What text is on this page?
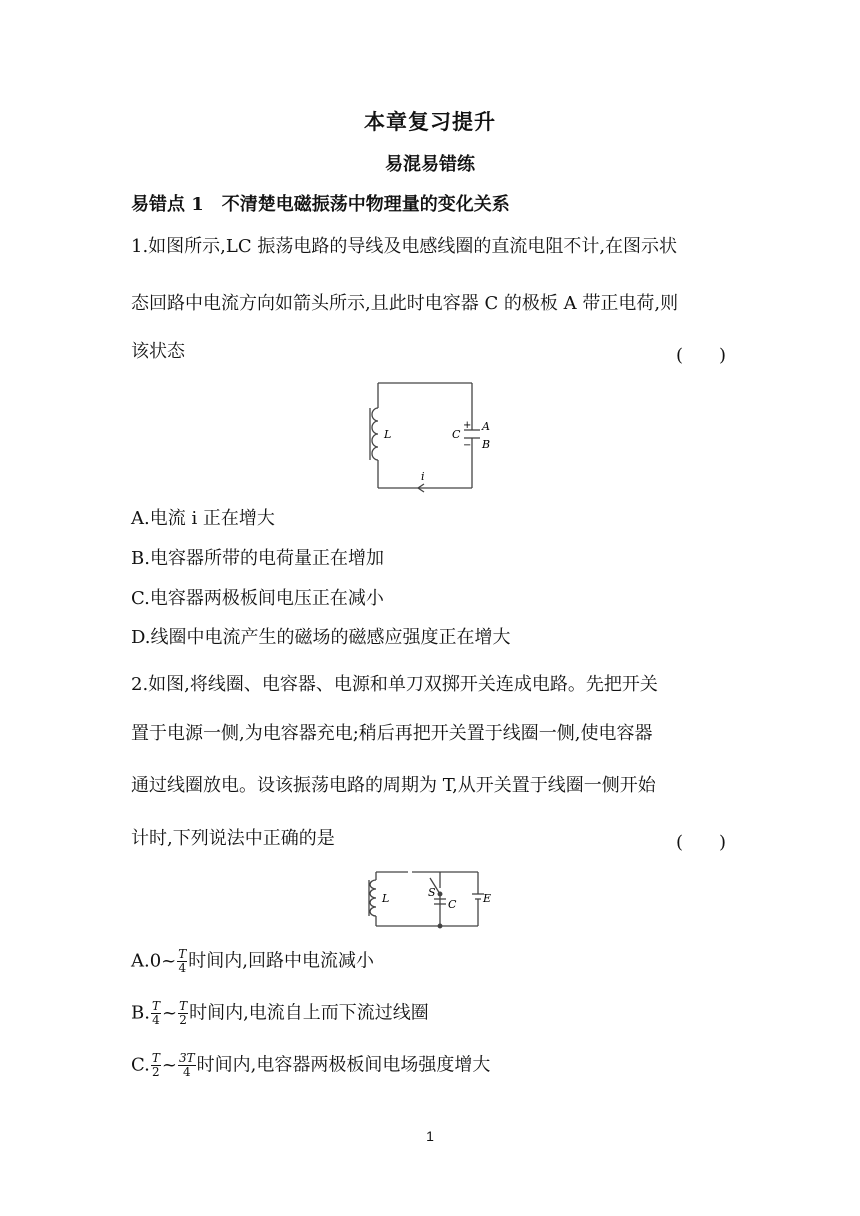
本章复习提升
易混易错练
易错点 1　不清楚电磁振荡中物理量的变化关系
1.如图所示,LC 振荡电路的导线及电感线圈的直流电阻不计,在图示状
态回路中电流方向如箭头所示,且此时电容器 C 的极板 A 带正电荷,则
该状态	(　　)
L	C
+
−
A
B
i
A.电流 i 正在增大
B.电容器所带的电荷量正在增加
C.电容器两极板间电压正在减小
D.线圈中电流产生的磁场的磁感应强度正在增大
2.如图,将线圈、电容器、电源和单刀双掷开关连成电路。先把开关
置于电源一侧,为电容器充电;稍后再把开关置于线圈一侧,使电容器
通过线圈放电。设该振荡电路的周期为 T,从开关置于线圈一侧开始
计时,下列说法中正确的是	(　　)
L	S
C E
A.0~ $\frac{T}{4}$ 时间内,回路中电流减小
B. $\frac{T}{4}$ ~ $\frac{T}{2}$ 时间内,电流自上而下流过线圈
C. $\frac{T}{2}$ ~ $\frac{3T}{4}$ 时间内,电容器两极板间电场强度增大
1
